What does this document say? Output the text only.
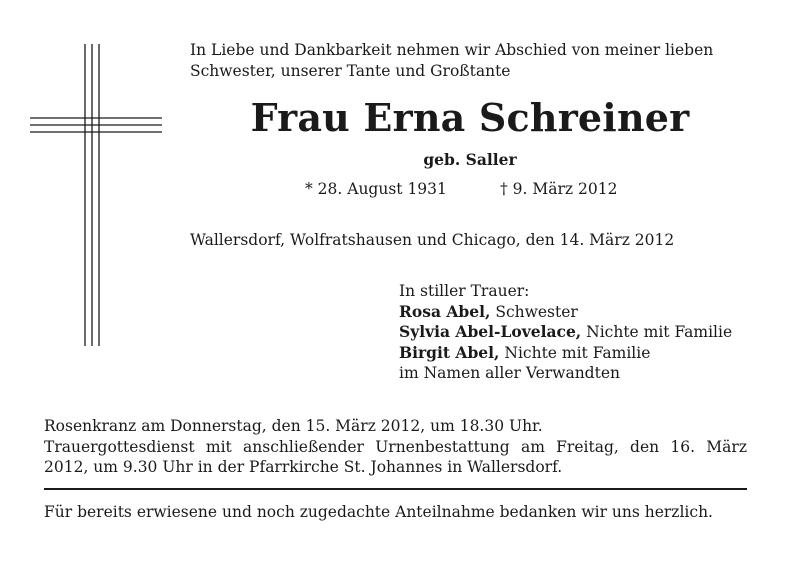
In Liebe und Dankbarkeit nehmen wir Abschied von meiner lieben
Schwester, unserer Tante und Großtante
Frau Erna Schreiner
geb. Saller
* 28. August 1931	† 9. März 2012
Wallersdorf, Wolfratshausen und Chicago, den 14. März 2012
In stiller Trauer:
Rosa Abel, Schwester
Sylvia Abel-Lovelace, Nichte mit Familie
Birgit Abel, Nichte mit Familie
im Namen aller Verwandten
Rosenkranz am Donnerstag, den 15. März 2012, um 18.30 Uhr.
Trauergottesdienst mit anschließender Urnenbestattung am Freitag, den 16. März
2012, um 9.30 Uhr in der Pfarrkirche St. Johannes in Wallersdorf.
Für bereits erwiesene und noch zugedachte Anteilnahme bedanken wir uns herzlich.
